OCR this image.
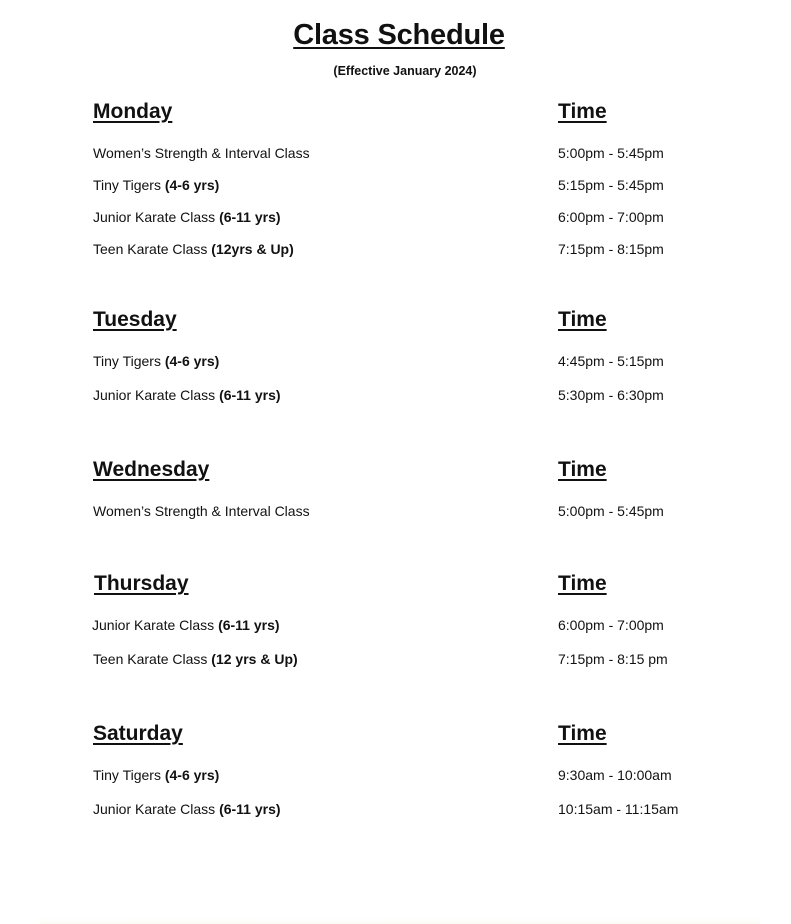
Class Schedule
(Effective January 2024)
Monday	Time
Women’s Strength & Interval Class	5:00pm - 5:45pm
Tiny Tigers (4-6 yrs)	5:15pm - 5:45pm
Junior Karate Class (6-11 yrs)	6:00pm - 7:00pm
Teen Karate Class (12yrs & Up)	7:15pm - 8:15pm
Tuesday	Time
Tiny Tigers (4-6 yrs)	4:45pm - 5:15pm
Junior Karate Class (6-11 yrs)	5:30pm - 6:30pm
Wednesday	Time
Women’s Strength & Interval Class	5:00pm - 5:45pm
Thursday	Time
Junior Karate Class (6-11 yrs)	6:00pm - 7:00pm
Teen Karate Class (12 yrs & Up)	7:15pm - 8:15 pm
Saturday	Time
Tiny Tigers (4-6 yrs)	9:30am - 10:00am
Junior Karate Class (6-11 yrs)	10:15am - 11:15am
